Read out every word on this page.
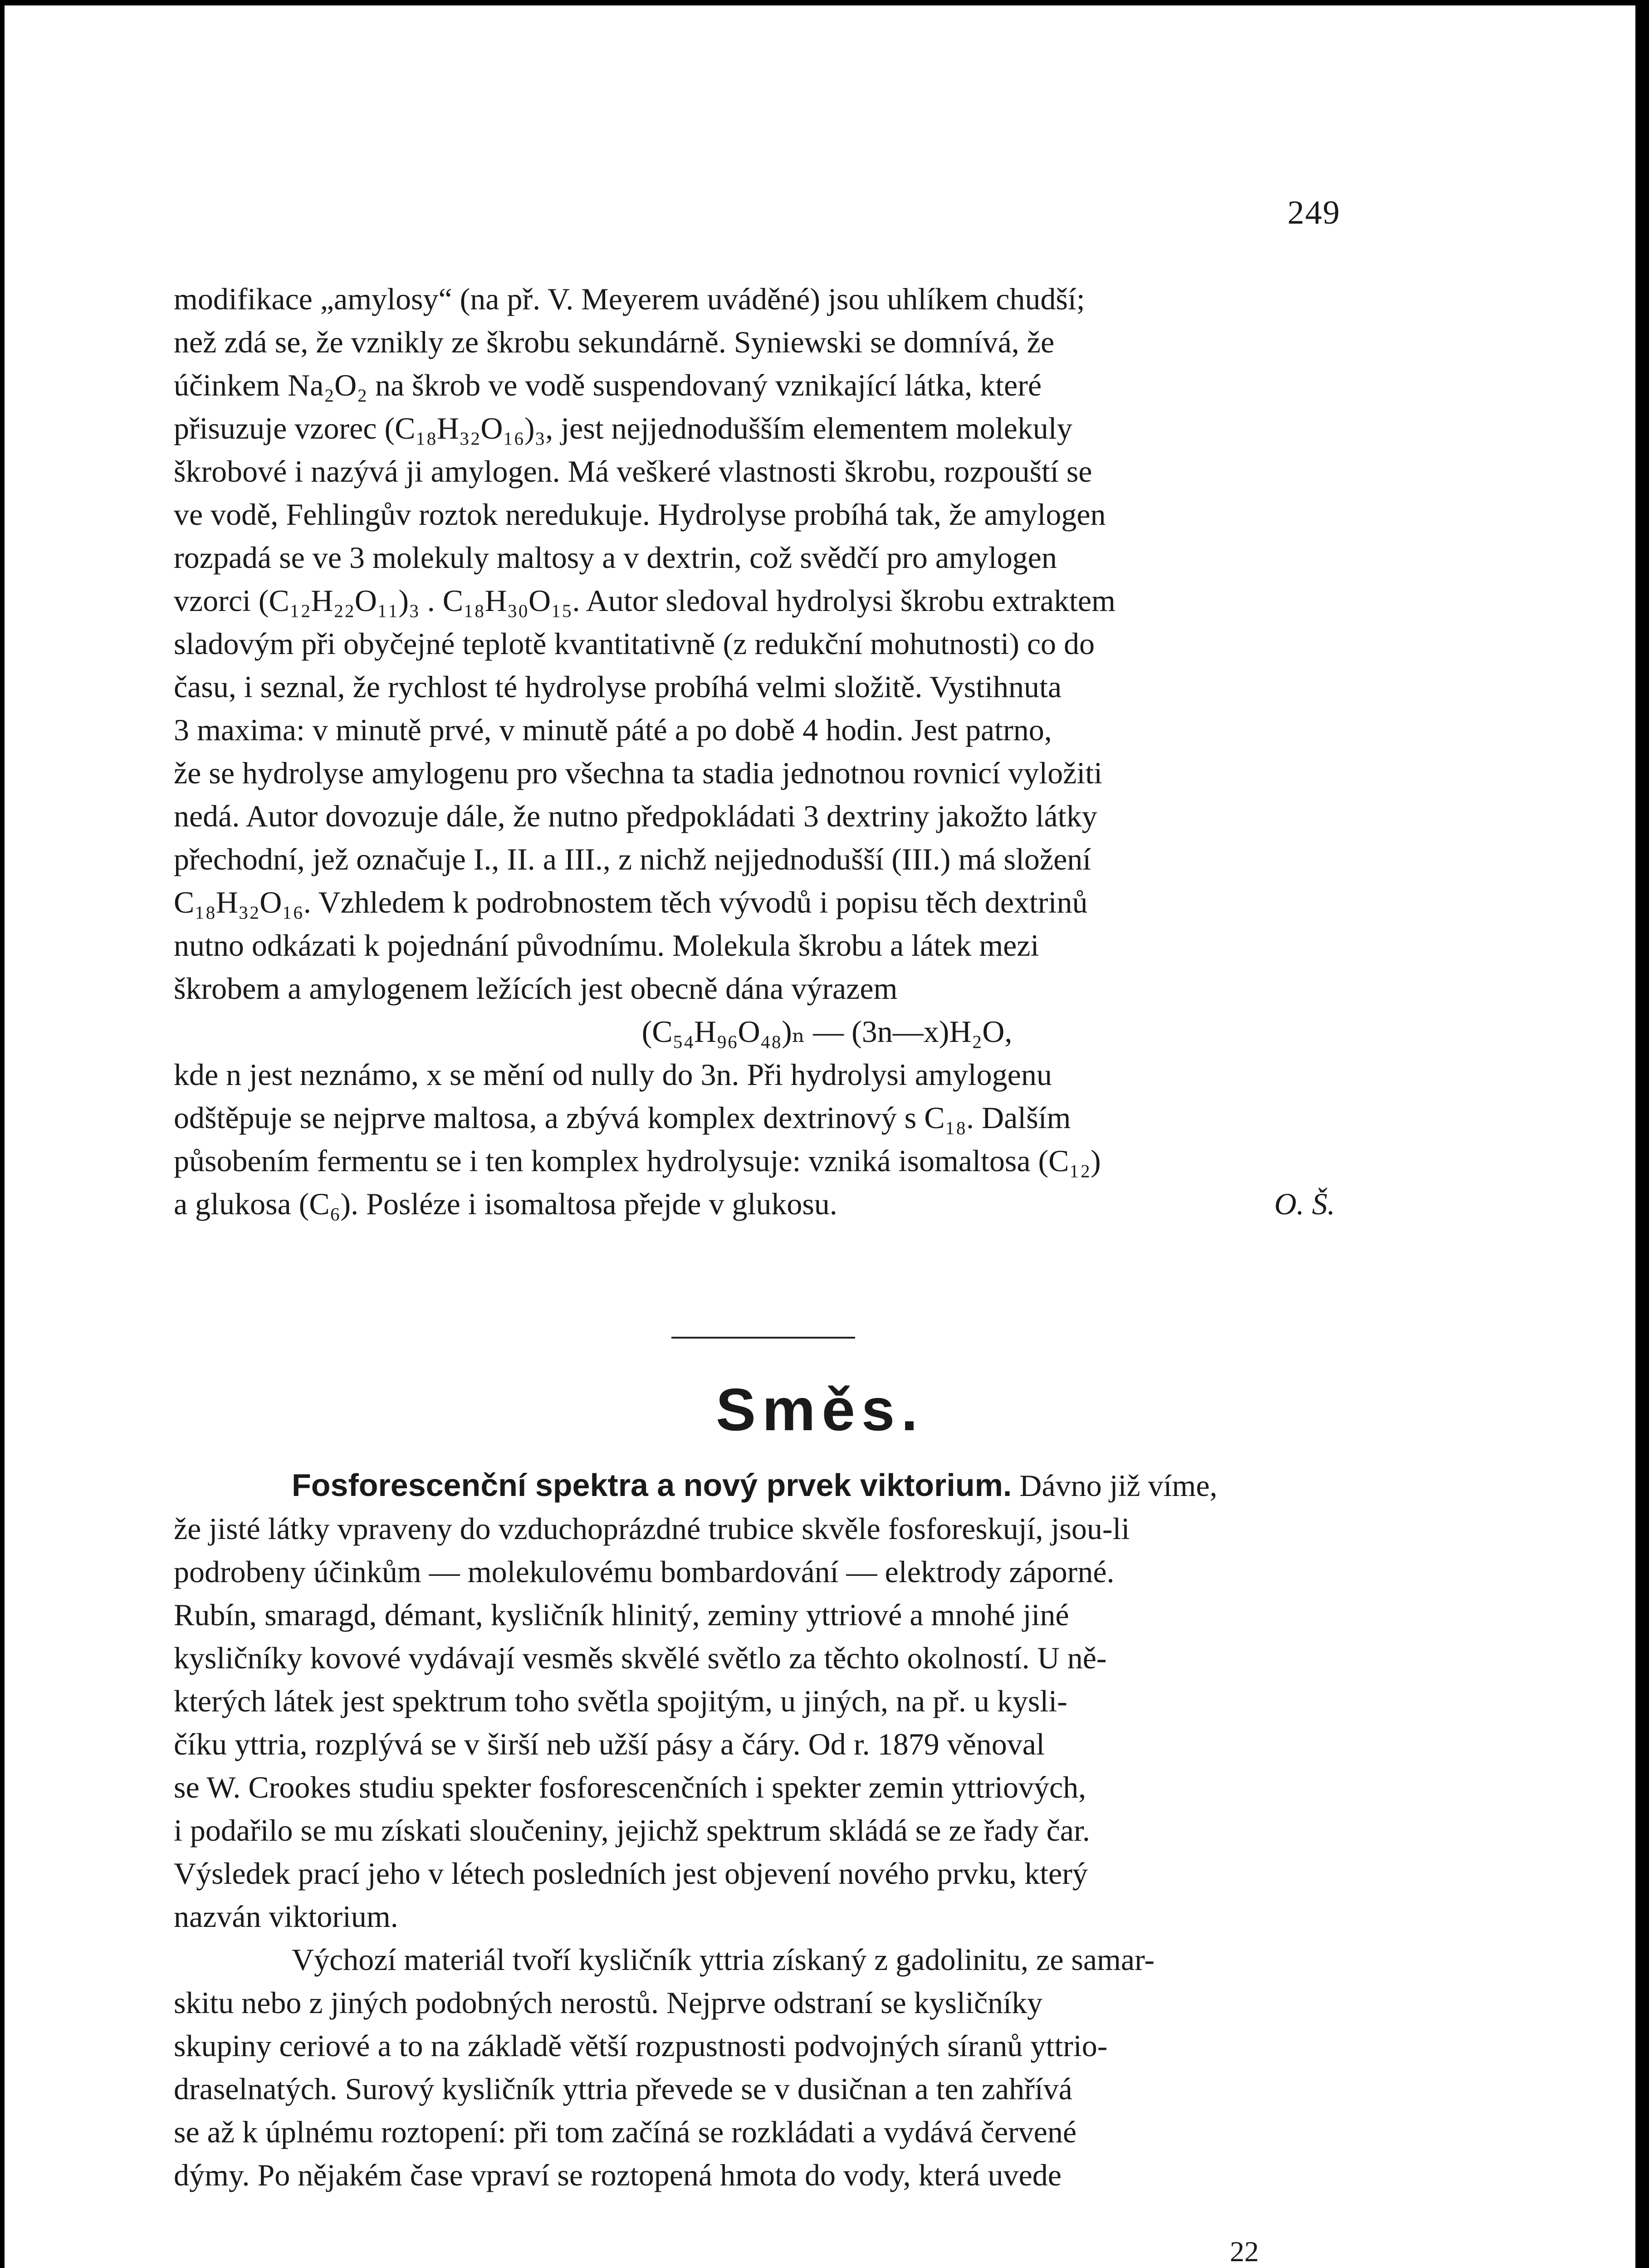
249

modifikace „amylosy“ (na př. V. Meyerem uváděné) jsou uhlíkem chudší;

než zdá se, že vznikly ze škrobu sekundárně. Syniewski se domnívá, že

účinkem Na₂O₂ na škrob ve vodě suspendovaný vznikající látka, které

přisuzuje vzorec (C₁₈H₃₂O₁₆)₃, jest nejjednodušším elementem molekuly

škrobové i nazývá ji amylogen. Má veškeré vlastnosti škrobu, rozpouští se

ve vodě, Fehlingův roztok neredukuje. Hydrolyse probíhá tak, že amylogen

rozpadá se ve 3 molekuly maltosy a v dextrin, což svědčí pro amylogen

vzorci (C₁₂H₂₂O₁₁)₃ . C₁₈H₃₀O₁₅. Autor sledoval hydrolysi škrobu extraktem

sladovým při obyčejné teplotě kvantitativně (z redukční mohutnosti) co do

času, i seznal, že rychlost té hydrolyse probíhá velmi složitě. Vystihnuta

3 maxima: v minutě prvé, v minutě páté a po době 4 hodin. Jest patrno,

že se hydrolyse amylogenu pro všechna ta stadia jednotnou rovnicí vyložiti

nedá. Autor dovozuje dále, že nutno předpokládati 3 dextriny jakožto látky

přechodní, jež označuje I., II. a III., z nichž nejjednodušší (III.) má složení

C₁₈H₃₂O₁₆. Vzhledem k podrobnostem těch vývodů i popisu těch dextrinů

nutno odkázati k pojednání původnímu. Molekula škrobu a látek mezi

škrobem a amylogenem ležících jest obecně dána výrazem

(C₅₄H₉₆O₄₈)ₙ — (3n—x)H₂O,

kde n jest neznámo, x se mění od nully do 3n. Při hydrolysi amylogenu

odštěpuje se nejprve maltosa, a zbývá komplex dextrinový s C₁₈. Dalším

působením fermentu se i ten komplex hydrolysuje: vzniká isomaltosa (C₁₂)

a glukosa (C₆). Posléze i isomaltosa přejde v glukosu.	O. Š.

Směs.

Fosforescenční spektra a nový prvek viktorium. Dávno již víme,

že jisté látky vpraveny do vzduchoprázdné trubice skvěle fosforeskují, jsou-li

podrobeny účinkům — molekulovému bombardování — elektrody záporné.

Rubín, smaragd, démant, kysličník hlinitý, zeminy yttriové a mnohé jiné

kysličníky kovové vydávají vesměs skvělé světlo za těchto okolností. U ně-

kterých látek jest spektrum toho světla spojitým, u jiných, na př. u kysli-

číku yttria, rozplývá se v širší neb užší pásy a čáry. Od r. 1879 věnoval

se W. Crookes studiu spekter fosforescenčních i spekter zemin yttriových,

i podařilo se mu získati sloučeniny, jejichž spektrum skládá se ze řady čar.

Výsledek prací jeho v létech posledních jest objevení nového prvku, který

nazván viktorium.

Výchozí materiál tvoří kysličník yttria získaný z gadolinitu, ze samar-

skitu nebo z jiných podobných nerostů. Nejprve odstraní se kysličníky

skupiny ceriové a to na základě větší rozpustnosti podvojných síranů yttrio-

draselnatých. Surový kysličník yttria převede se v dusičnan a ten zahřívá

se až k úplnému roztopení: při tom začíná se rozkládati a vydává červené

dýmy. Po nějakém čase vpraví se roztopená hmota do vody, která uvede

22
